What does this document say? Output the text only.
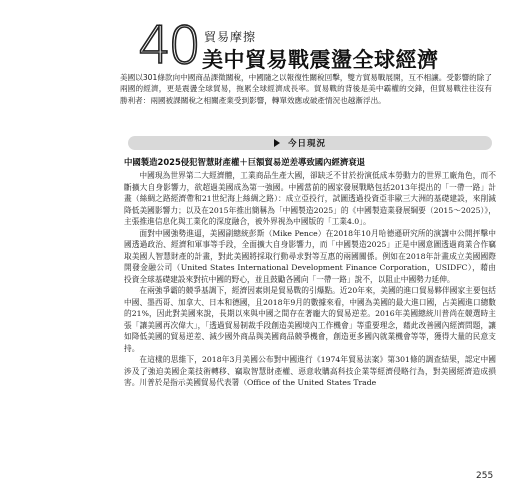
40 貿易摩擦
美中貿易戰震盪全球經濟

美國以301條款向中國商品課徵關稅，中國隨之以報復性關稅回擊，雙方貿易戰展開，互不相讓。受影響的除了兩國的經濟，更是震盪全球貿易，拖累全球經濟成長率。貿易戰的背後是美中霸權的交鋒，但貿易戰往往沒有勝利者：兩國被課關稅之相關產業受到影響，轉單效應或破產情況也越漸浮出。

今日現況
中國製造2025侵犯智慧財產權＋巨額貿易逆差導致國內經濟衰退

中國現為世界第二大經濟體，工業商品生產大國，卻缺乏不甘於扮演低成本勞動力的世界工廠角色，而不斷擴大自身影響力，欲超過美國成為第一強國。中國當前的國家發展戰略包括2013年提出的「一帶一路」計畫（絲綢之路經濟帶和21世紀海上絲綢之路）：成立亞投行，試圖透過投資亞非歐三大洲的基礎建設，來削減降低美國影響力；以及在2015年推出簡稱為「中國製造2025」的《中國製造業發展綱要（2015〜2025）》，主張推進信息化與工業化的深度融合，被外界視為中國版的「工業4.0」。

面對中國強勢進逼，美國副總統彭斯（Mike Pence）在2018年10月哈德遜研究所的演講中公開抨擊中國透過政治、經濟和軍事等手段，全面擴大自身影響力，而「中國製造2025」正是中國意圖透過商業合作竊取美國人智慧財產的計畫，對此美國將採取行動尋求對等互惠的兩國關係。例如在2018年計畫成立美國國際開發金融公司（United States International Development Finance Corporation，USIDFC），藉由投資全球基礎建設來對抗中國的野心，並且鼓勵各國向「一帶一路」說不，以阻止中國勢力延伸。

在兩強爭霸的競爭基調下，經濟因素則是貿易戰的引爆點。近20年來，美國的進口貿易夥伴國家主要包括中國、墨西哥、加拿大、日本和德國，且2018年9月的數據來看，中國為美國的最大進口國，占美國進口總數的21%，因此對美國來說，長期以來與中國之間存在著龐大的貿易逆差。2016年美國總統川普尚在競選時主張「讓美國再次偉大」，「透過貿易制裁手段創造美國境內工作機會」等重要理念，藉此改善國內經濟問題，讓如降低美國的貿易逆差、減少國外商品與美國商品競爭機會，創造更多國內就業機會等等，獲得大量的民意支持。

在這樣的思維下，2018年3月美國公布對中國進行《1974年貿易法案》第301條的調查結果，認定中國涉及了強迫美國企業技術轉移、竊取智慧財產權、惡意收購高科技企業等經濟侵略行為，對美國經濟造成損害。川普於是指示美國貿易代表署（Office of the United States Trade

255
